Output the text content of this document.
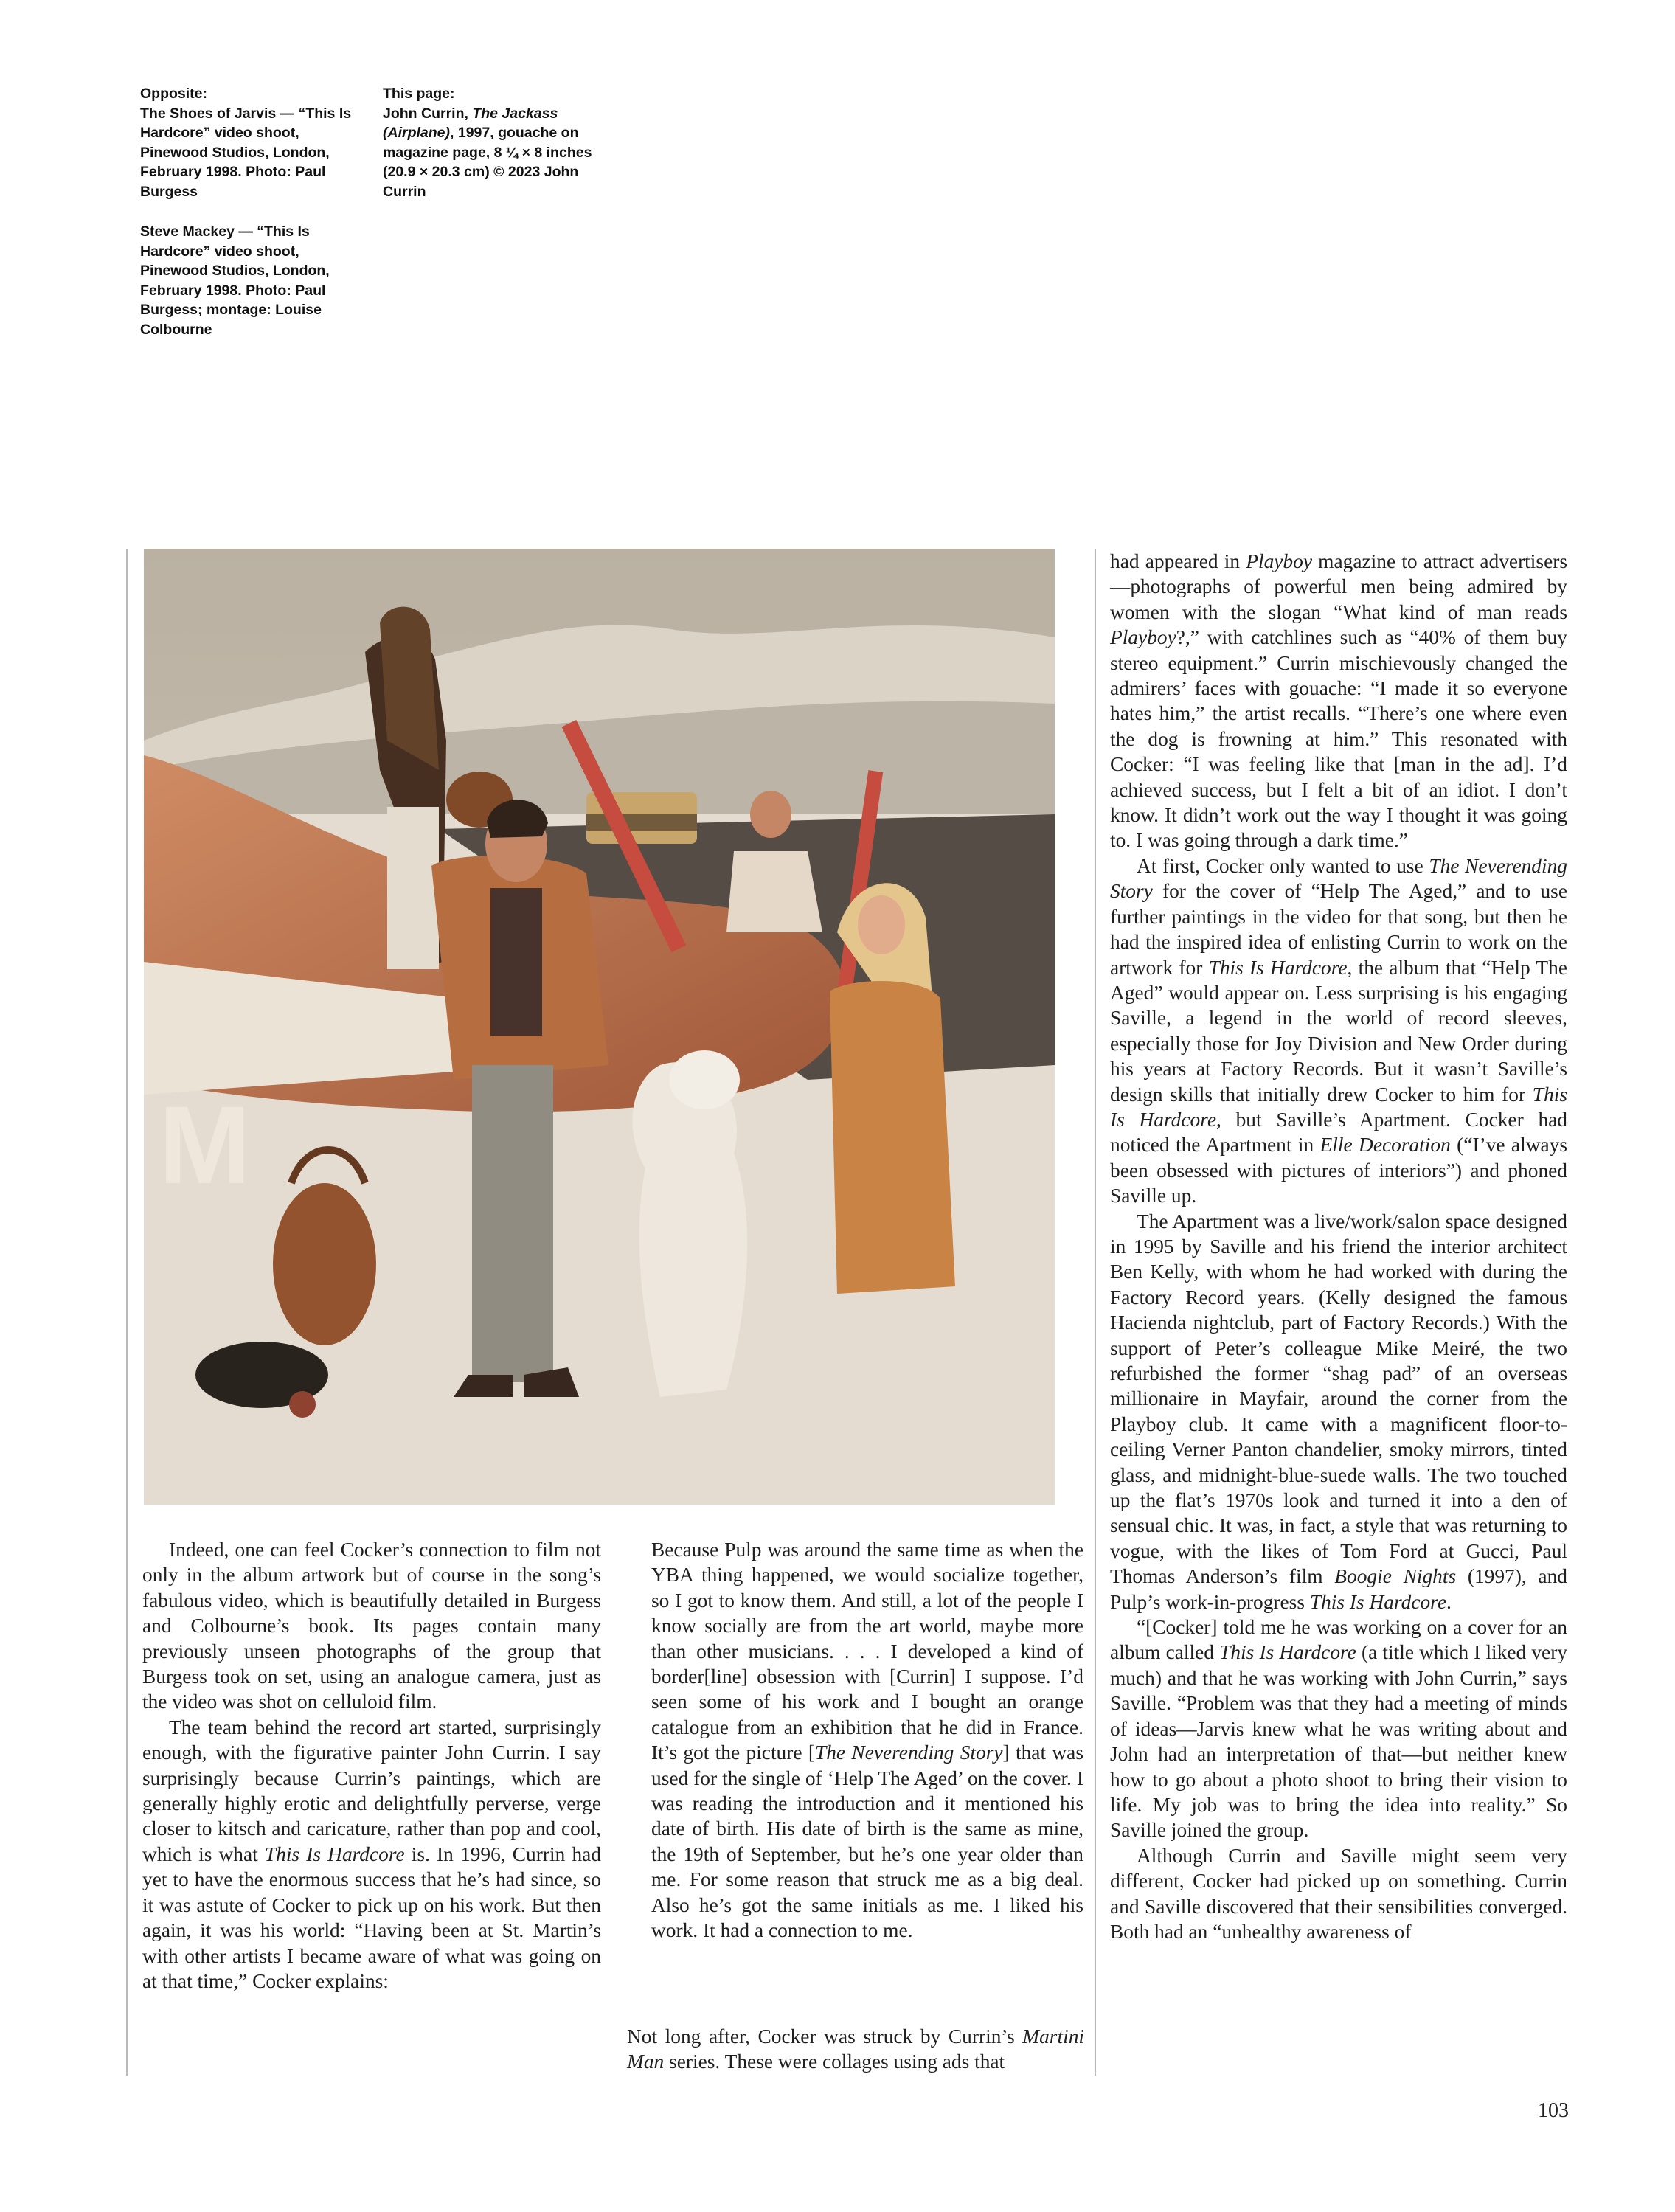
Opposite:
The Shoes of Jarvis — “This Is Hardcore” video shoot, Pinewood Studios, London, February 1998. Photo: Paul Burgess

Steve Mackey — “This Is Hardcore” video shoot, Pinewood Studios, London, February 1998. Photo: Paul Burgess; montage: Louise Colbourne

This page:
John Currin, The Jackass (Airplane), 1997, gouache on magazine page, 8 ¼ × 8 inches (20.9 × 20.3 cm) © 2023 John Currin

M

Indeed, one can feel Cocker’s connection to film not only in the album artwork but of course in the song’s fabulous video, which is beautifully detailed in Burgess and Colbourne’s book. Its pages contain many previously unseen photographs of the group that Burgess took on set, using an analogue camera, just as the video was shot on celluloid film.

The team behind the record art started, surprisingly enough, with the figurative painter John Currin. I say surprisingly because Currin’s paintings, which are generally highly erotic and delightfully perverse, verge closer to kitsch and caricature, rather than pop and cool, which is what This Is Hardcore is. In 1996, Currin had yet to have the enormous success that he’s had since, so it was astute of Cocker to pick up on his work. But then again, it was his world: “Having been at St. Martin’s with other artists I became aware of what was going on at that time,” Cocker explains:

Because Pulp was around the same time as when the YBA thing happened, we would socialize together, so I got to know them. And still, a lot of the people I know socially are from the art world, maybe more than other musicians. . . . I developed a kind of border[line] obsession with [Currin] I suppose. I’d seen some of his work and I bought an orange catalogue from an exhibition that he did in France. It’s got the picture [The Neverending Story] that was used for the single of ‘Help The Aged’ on the cover. I was reading the introduction and it mentioned his date of birth. His date of birth is the same as mine, the 19th of September, but he’s one year older than me. For some reason that struck me as a big deal. Also he’s got the same initials as me. I liked his work. It had a connection to me.

Not long after, Cocker was struck by Currin’s Martini Man series. These were collages using ads that

had appeared in Playboy magazine to attract advertisers—photographs of powerful men being admired by women with the slogan “What kind of man reads Playboy?,” with catchlines such as “40% of them buy stereo equipment.” Currin mischievously changed the admirers’ faces with gouache: “I made it so everyone hates him,” the artist recalls. “There’s one where even the dog is frowning at him.” This resonated with Cocker: “I was feeling like that [man in the ad]. I’d achieved success, but I felt a bit of an idiot. I don’t know. It didn’t work out the way I thought it was going to. I was going through a dark time.”

At first, Cocker only wanted to use The Neverending Story for the cover of “Help The Aged,” and to use further paintings in the video for that song, but then he had the inspired idea of enlisting Currin to work on the artwork for This Is Hardcore, the album that “Help The Aged” would appear on. Less surprising is his engaging Saville, a legend in the world of record sleeves, especially those for Joy Division and New Order during his years at Factory Records. But it wasn’t Saville’s design skills that initially drew Cocker to him for This Is Hardcore, but Saville’s Apartment. Cocker had noticed the Apartment in Elle Decoration (“I’ve always been obsessed with pictures of interiors”) and phoned Saville up.

The Apartment was a live/work/salon space designed in 1995 by Saville and his friend the interior architect Ben Kelly, with whom he had worked with during the Factory Record years. (Kelly designed the famous Hacienda nightclub, part of Factory Records.) With the support of Peter’s colleague Mike Meiré, the two refurbished the former “shag pad” of an overseas millionaire in Mayfair, around the corner from the Playboy club. It came with a magnificent floor-to-ceiling Verner Panton chandelier, smoky mirrors, tinted glass, and midnight-blue-suede walls. The two touched up the flat’s 1970s look and turned it into a den of sensual chic. It was, in fact, a style that was returning to vogue, with the likes of Tom Ford at Gucci, Paul Thomas Anderson’s film Boogie Nights (1997), and Pulp’s work-in-progress This Is Hardcore.

“[Cocker] told me he was working on a cover for an album called This Is Hardcore (a title which I liked very much) and that he was working with John Currin,” says Saville. “Problem was that they had a meeting of minds of ideas—Jarvis knew what he was writing about and John had an interpretation of that—but neither knew how to go about a photo shoot to bring their vision to life. My job was to bring the idea into reality.” So Saville joined the group.

Although Currin and Saville might seem very different, Cocker had picked up on something. Currin and Saville discovered that their sensibilities converged. Both had an “unhealthy awareness of

103
